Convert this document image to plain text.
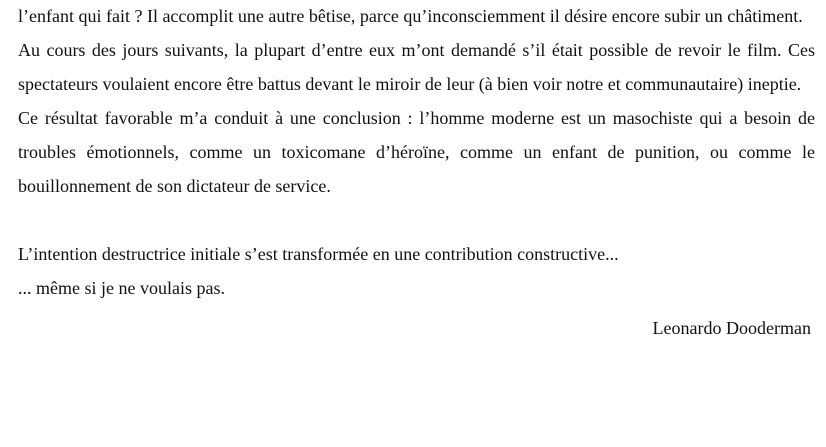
l’enfant qui fait ? Il accomplit une autre bêtise, parce qu’inconsciemment il désire encore subir un châtiment.

Au cours des jours suivants, la plupart d’entre eux m’ont demandé s’il était possible de revoir le film. Ces spectateurs voulaient encore être battus devant le miroir de leur (à bien voir notre et communautaire) ineptie.

Ce résultat favorable m’a conduit à une conclusion : l’homme moderne est un masochiste qui a besoin de troubles émotionnels, comme un toxicomane d’héroïne, comme un enfant de punition, ou comme le bouillonnement de son dictateur de service.

L’intention destructrice initiale s’est transformée en une contribution constructive...

... même si je ne voulais pas.

Leonardo Dooderman
